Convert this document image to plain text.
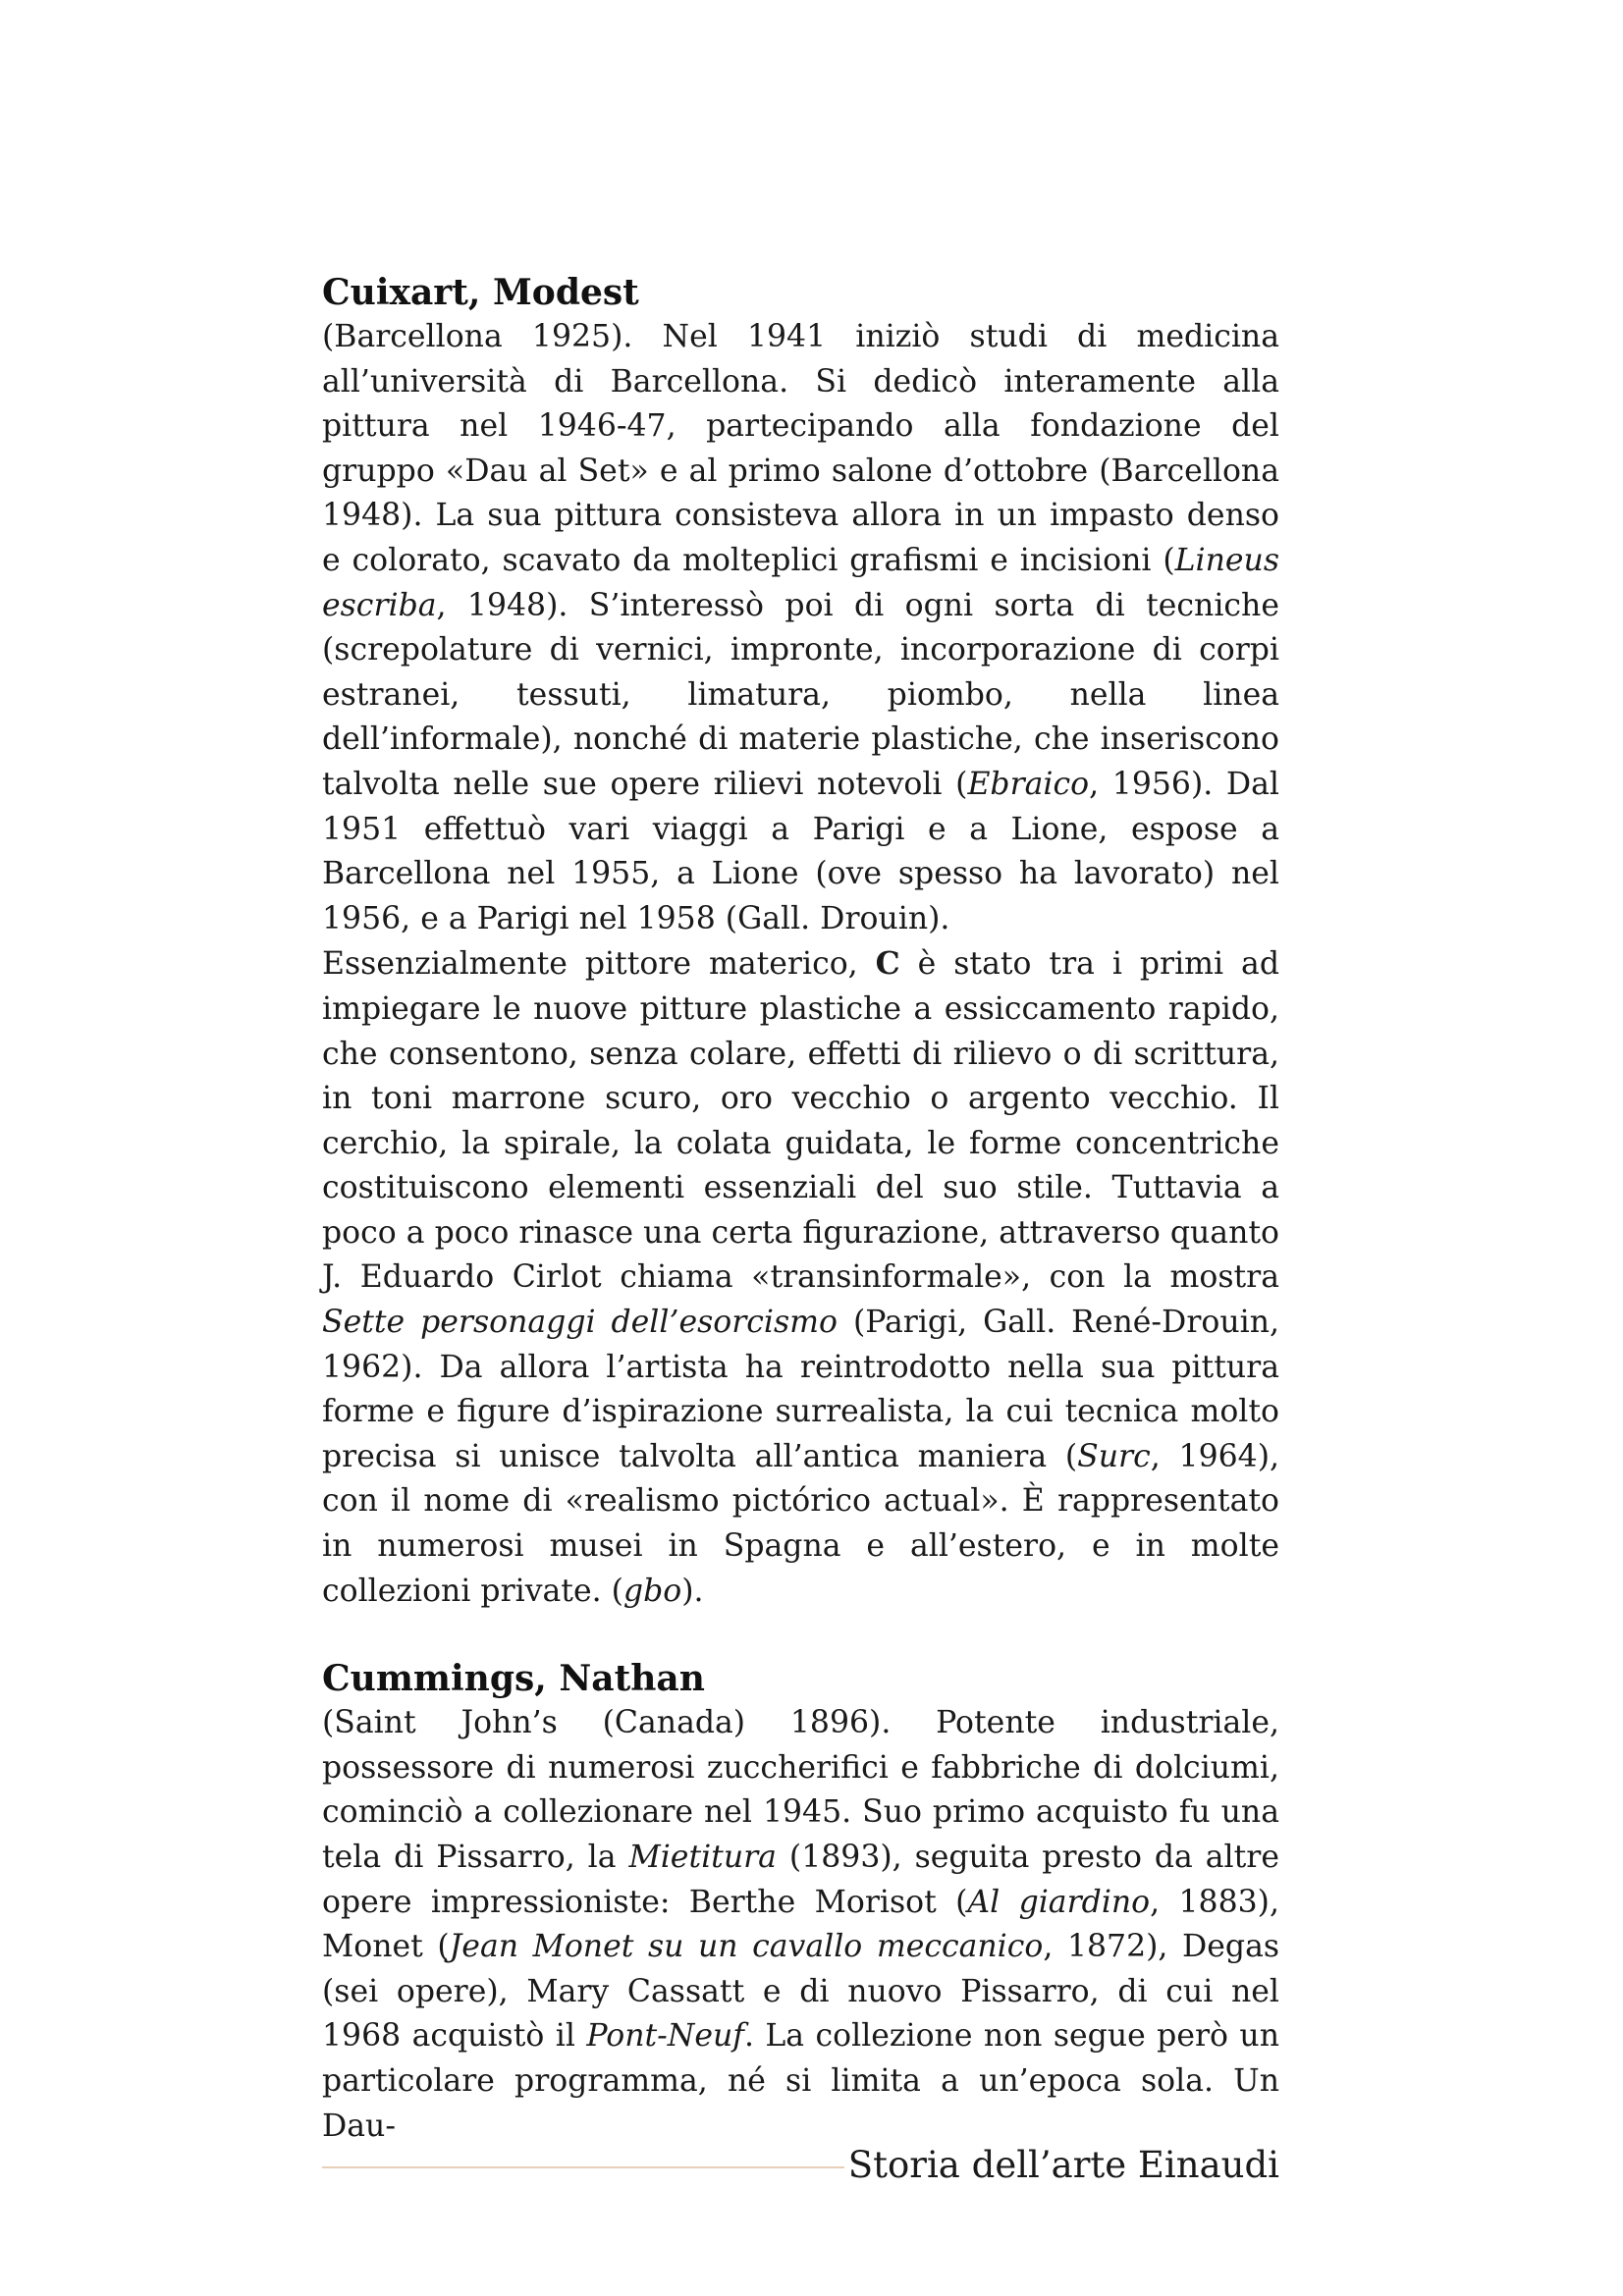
Cuixart, Modest

(Barcellona 1925). Nel 1941 iniziò studi di medicina all’università di Barcellona. Si dedicò interamente alla pittura nel 1946-47, partecipando alla fondazione del gruppo «Dau al Set» e al primo salone d’ottobre (Barcellona 1948). La sua pittura consisteva allora in un impasto denso e colorato, scavato da molteplici grafismi e incisioni (Lineus escriba, 1948). S’interessò poi di ogni sorta di tecniche (screpolature di vernici, impronte, incorporazione di corpi estranei, tessuti, limatura, piombo, nella linea dell’informale), nonché di materie plastiche, che inseriscono talvolta nelle sue opere rilievi notevoli (Ebraico, 1956). Dal 1951 effettuò vari viaggi a Parigi e a Lione, espose a Barcellona nel 1955, a Lione (ove spesso ha lavorato) nel 1956, e a Parigi nel 1958 (Gall. Drouin).

Essenzialmente pittore materico, C è stato tra i primi ad impiegare le nuove pitture plastiche a essiccamento rapido, che consentono, senza colare, effetti di rilievo o di scrittura, in toni marrone scuro, oro vecchio o argento vecchio. Il cerchio, la spirale, la colata guidata, le forme concentriche costituiscono elementi essenziali del suo stile. Tuttavia a poco a poco rinasce una certa figurazione, attraverso quanto J. Eduardo Cirlot chiama «transinformale», con la mostra Sette personaggi dell’esorcismo (Parigi, Gall. René-Drouin, 1962). Da allora l’artista ha reintrodotto nella sua pittura forme e figure d’ispirazione surrealista, la cui tecnica molto precisa si unisce talvolta all’antica maniera (Surc, 1964), con il nome di «realismo pictórico actual». È rappresentato in numerosi musei in Spagna e all’estero, e in molte collezioni private. (gbo).

Cummings, Nathan

(Saint John’s (Canada) 1896). Potente industriale, possessore di numerosi zuccherifici e fabbriche di dolciumi, cominciò a collezionare nel 1945. Suo primo acquisto fu una tela di Pissarro, la Mietitura (1893), seguita presto da altre opere impressioniste: Berthe Morisot (Al giardino, 1883), Monet (Jean Monet su un cavallo meccanico, 1872), Degas (sei opere), Mary Cassatt e di nuovo Pissarro, di cui nel 1968 acquistò il Pont-Neuf. La collezione non segue però un particolare programma, né si limita a un’epoca sola. Un Dau-

Storia dell’arte Einaudi
